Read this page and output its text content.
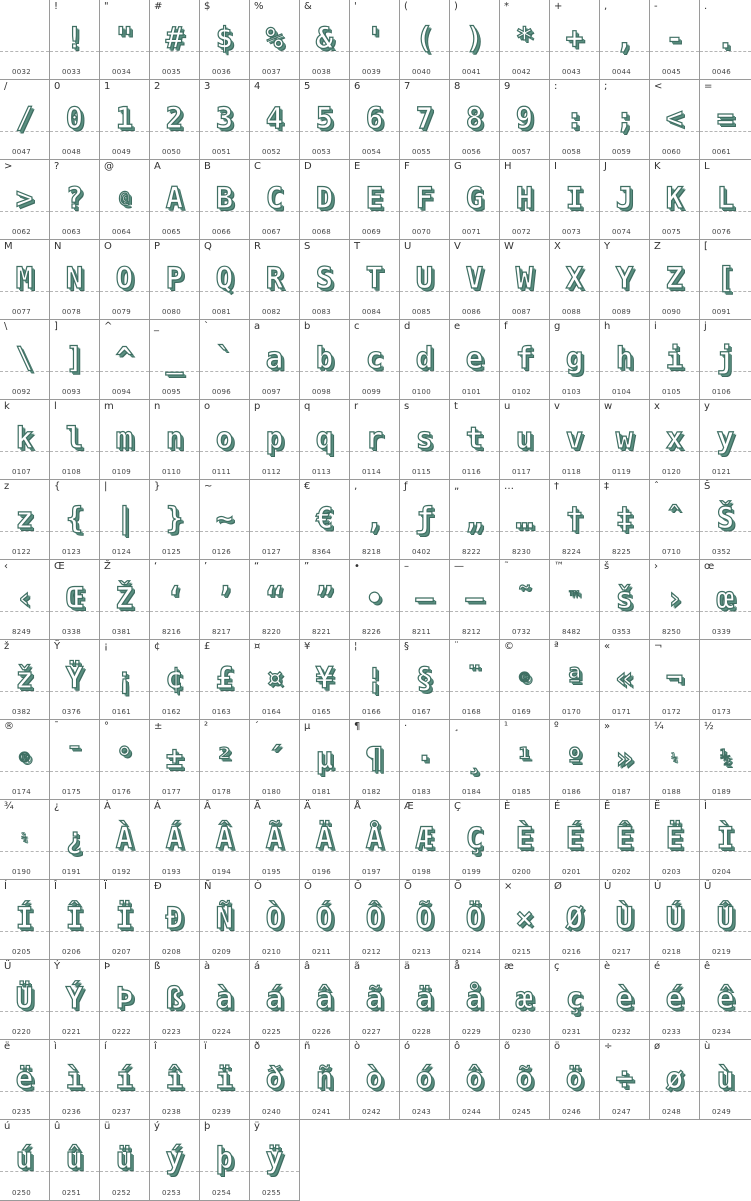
0032
!
!
0033
"
"
0034
#
#
0035
$
$
0036
%
%
0037
&
&
0038
'
'
0039
(
(
0040
)
)
0041
*
*
0042
+
+
0043
,
,
0044
-
-
0045
.
.
0046
/
/
0047
0
0
0048
1
1
0049
2
2
0050
3
3
0051
4
4
0052
5
5
0053
6
6
0054
7
7
0055
8
8
0056
9
9
0057
:
:
0058
;
;
0059
<
<
0060
=
=
0061
>
>
0062
?
?
0063
@
@
0064
A
A
0065
B
B
0066
C
C
0067
D
D
0068
E
E
0069
F
F
0070
G
G
0071
H
H
0072
I
I
0073
J
J
0074
K
K
0075
L
L
0076
M
M
0077
N
N
0078
O
O
0079
P
P
0080
Q
Q
0081
R
R
0082
S
S
0083
T
T
0084
U
U
0085
V
V
0086
W
W
0087
X
X
0088
Y
Y
0089
Z
Z
0090
[
[
0091
\
\
0092
]
]
0093
^
^
0094
_
_
0095
`
`
0096
a
a
0097
b
b
0098
c
c
0099
d
d
0100
e
e
0101
f
f
0102
g
g
0103
h
h
0104
i
i
0105
j
j
0106
k
k
0107
l
l
0108
m
m
0109
n
n
0110
o
o
0111
p
p
0112
q
q
0113
r
r
0114
s
s
0115
t
t
0116
u
u
0117
v
v
0118
w
w
0119
x
x
0120
y
y
0121
z
z
0122
{
{
0123
|
|
0124
}
}
0125
~
~
0126	0127
€
€
8364
‚
‚
8218
ƒ
ƒ
0402
„
„
8222
…
…
8230
†
†
8224
‡
‡
8225
ˆ
ˆ
0710
Š
Š
0352
‹
‹
8249
Œ
Œ
0338
Ž
Ž
0381
‘
‘
8216
’
’
8217
“
“
8220
”
”
8221
•
•
8226
–
–
8211
—
—
8212
˜
˜
0732
™
™
8482
š
š
0353
›
›
8250
œ
œ
0339
ž
ž
0382
Ÿ
Ÿ
0376
¡
¡
0161
¢
¢
0162
£
£
0163
¤
¤
0164
¥
¥
0165
¦
¦
0166
§
§
0167
¨
¨
0168
©
©
0169
ª
ª
0170
«
«
0171
¬
¬
0172	0173
®
®
0174
¯
¯
0175
°
°
0176
±
±
0177
²
²
0178
´
´
0180
µ
µ
0181
¶
¶
0182
·
·
0183
¸
¸
0184
¹
¹
0185
º
º
0186
»
»
0187
¼
¼
0188
½
½
0189
¾
¾
0190
¿
¿
0191
À
À
0192
Á
Á
0193
Â
Â
0194
Ã
Ã
0195
Ä
Ä
0196
Å
Å
0197
Æ
Æ
0198
Ç
Ç
0199
È
È
0200
É
É
0201
Ê
Ê
0202
Ë
Ë
0203
Ì
Ì
0204
Í
Í
0205
Î
Î
0206
Ï
Ï
0207
Ð
Ð
0208
Ñ
Ñ
0209
Ò
Ò
0210
Ó
Ó
0211
Ô
Ô
0212
Õ
Õ
0213
Ö
Ö
0214
×
×
0215
Ø
Ø
0216
Ù
Ù
0217
Ú
Ú
0218
Û
Û
0219
Ü
Ü
0220
Ý
Ý
0221
Þ
Þ
0222
ß
ß
0223
à
à
0224
á
á
0225
â
â
0226
ã
ã
0227
ä
ä
0228
å
å
0229
æ
æ
0230
ç
ç
0231
è
è
0232
é
é
0233
ê
ê
0234
ë
ë
0235
ì
ì
0236
í
í
0237
î
î
0238
ï
ï
0239
ð
ð
0240
ñ
ñ
0241
ò
ò
0242
ó
ó
0243
ô
ô
0244
õ
õ
0245
ö
ö
0246
÷
÷
0247
ø
ø
0248
ù
ù
0249
ú
ú
0250
û
û
0251
ü
ü
0252
ý
ý
0253
þ
þ
0254
ÿ
ÿ
0255
